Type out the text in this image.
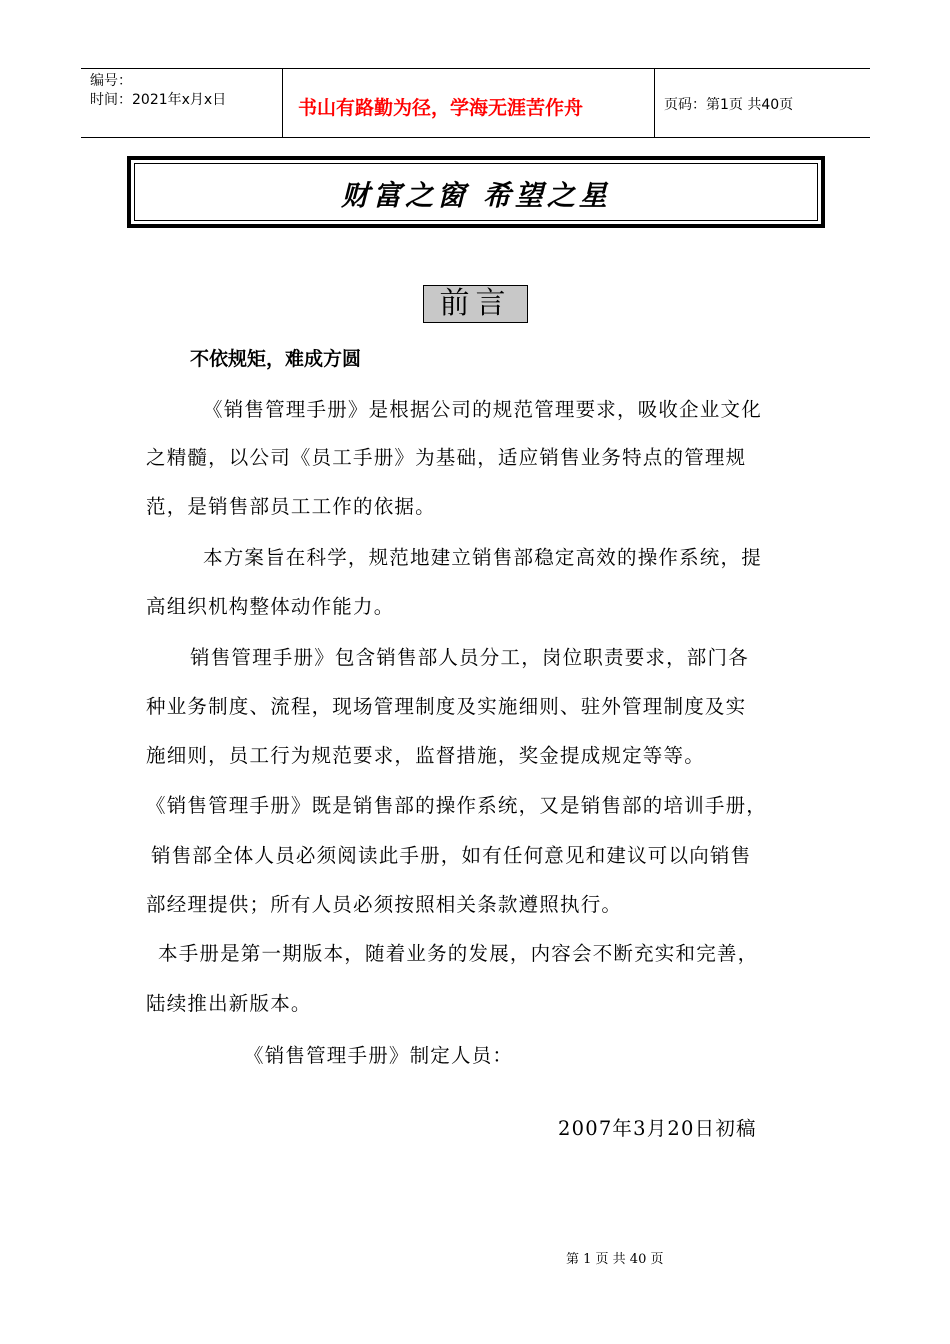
编号：
时间：2021年x月x日	书山有路勤为径，学海无涯苦作舟	页码：第1页 共40页
财富之窗 希望之星
前言
不依规矩，难成方圆
《销售管理手册》是根据公司的规范管理要求，吸收企业文化
之精髓，以公司《员工手册》为基础，适应销售业务特点的管理规
范，是销售部员工工作的依据。
本方案旨在科学，规范地建立销售部稳定高效的操作系统，提
高组织机构整体动作能力。
销售管理手册》包含销售部人员分工，岗位职责要求，部门各
种业务制度、流程，现场管理制度及实施细则、驻外管理制度及实
施细则，员工行为规范要求，监督措施，奖金提成规定等等。
《销售管理手册》既是销售部的操作系统，又是销售部的培训手册，
销售部全体人员必须阅读此手册，如有任何意见和建议可以向销售
部经理提供；所有人员必须按照相关条款遵照执行。
本手册是第一期版本，随着业务的发展，内容会不断充实和完善，
陆续推出新版本。
《销售管理手册》制定人员：
2007年3月20日初稿
第 1 页 共 40 页
